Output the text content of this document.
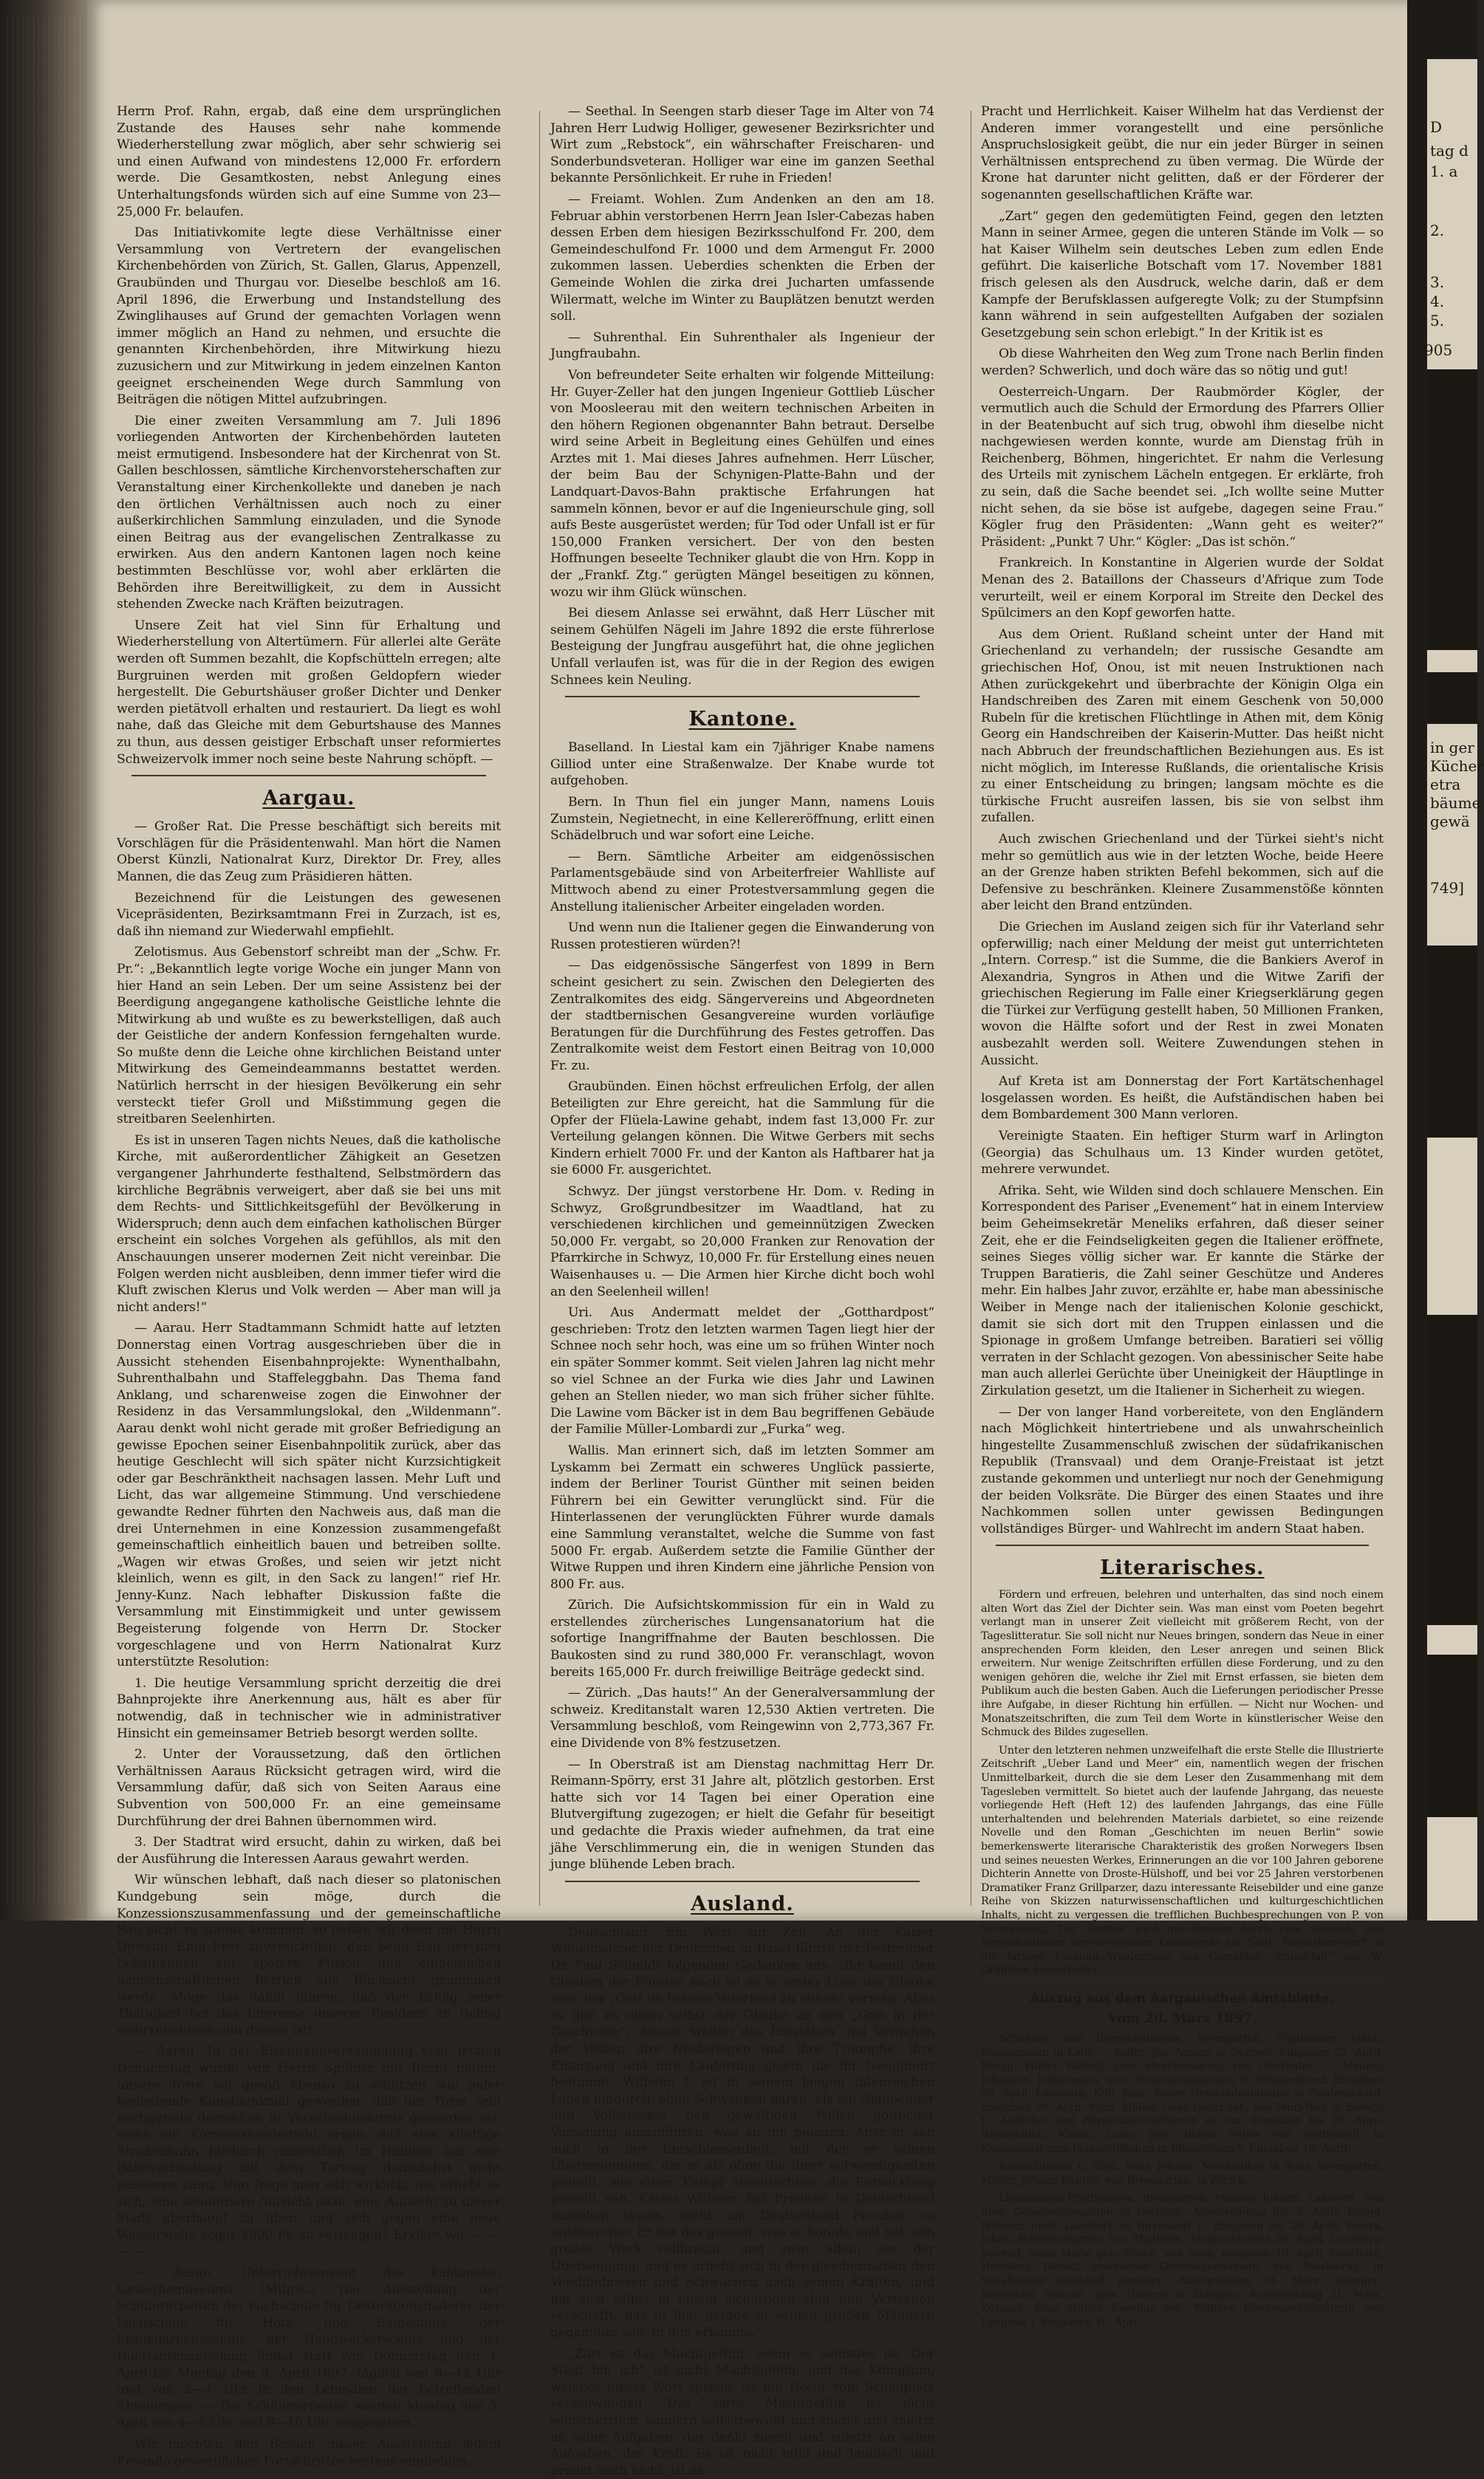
Herrn Prof. Rahn, ergab, daß eine dem ursprünglichen Zustande des Hauses sehr nahe kommende Wiederherstellung zwar möglich, aber sehr schwierig sei und einen Aufwand von mindestens 12,000 Fr. erfordern werde. Die Gesamtkosten, nebst Anlegung eines Unterhaltungsfonds würden sich auf eine Summe von 23—25,000 Fr. belaufen.

Das Initiativkomite legte diese Verhältnisse einer Versammlung von Vertretern der evangelischen Kirchenbehörden von Zürich, St. Gallen, Glarus, Appenzell, Graubünden und Thurgau vor. Dieselbe beschloß am 16. April 1896, die Erwerbung und Instandstellung des Zwinglihauses auf Grund der gemachten Vorlagen wenn immer möglich an Hand zu nehmen, und ersuchte die genannten Kirchenbehörden, ihre Mitwirkung hiezu zuzusichern und zur Mitwirkung in jedem einzelnen Kanton geeignet erscheinenden Wege durch Sammlung von Beiträgen die nötigen Mittel aufzubringen.

Die einer zweiten Versammlung am 7. Juli 1896 vorliegenden Antworten der Kirchenbehörden lauteten meist ermutigend. Insbesondere hat der Kirchenrat von St. Gallen beschlossen, sämtliche Kirchenvorsteherschaften zur Veranstaltung einer Kirchenkollekte und daneben je nach den örtlichen Verhältnissen auch noch zu einer außerkirchlichen Sammlung einzuladen, und die Synode einen Beitrag aus der evangelischen Zentralkasse zu erwirken. Aus den andern Kantonen lagen noch keine bestimmten Beschlüsse vor, wohl aber erklärten die Behörden ihre Bereitwilligkeit, zu dem in Aussicht stehenden Zwecke nach Kräften beizutragen.

Unsere Zeit hat viel Sinn für Erhaltung und Wiederherstellung von Altertümern. Für allerlei alte Geräte werden oft Summen bezahlt, die Kopfschütteln erregen; alte Burgruinen werden mit großen Geldopfern wieder hergestellt. Die Geburtshäuser großer Dichter und Denker werden pietätvoll erhalten und restauriert. Da liegt es wohl nahe, daß das Gleiche mit dem Geburtshause des Mannes zu thun, aus dessen geistiger Erbschaft unser reformiertes Schweizervolk immer noch seine beste Nahrung schöpft. —

Aargau.

— Großer Rat. Die Presse beschäftigt sich bereits mit Vorschlägen für die Präsidentenwahl. Man hört die Namen Oberst Künzli, Nationalrat Kurz, Direktor Dr. Frey, alles Mannen, die das Zeug zum Präsidieren hätten.

Bezeichnend für die Leistungen des gewesenen Vicepräsidenten, Bezirksamtmann Frei in Zurzach, ist es, daß ihn niemand zur Wiederwahl empfiehlt.

Zelotismus. Aus Gebenstorf schreibt man der „Schw. Fr. Pr.“: „Bekanntlich legte vorige Woche ein junger Mann von hier Hand an sein Leben. Der um seine Assistenz bei der Beerdigung angegangene katholische Geistliche lehnte die Mitwirkung ab und wußte es zu bewerkstelligen, daß auch der Geistliche der andern Konfession ferngehalten wurde. So mußte denn die Leiche ohne kirchlichen Beistand unter Mitwirkung des Gemeindeammanns bestattet werden. Natürlich herrscht in der hiesigen Bevölkerung ein sehr versteckt tiefer Groll und Mißstimmung gegen die streitbaren Seelenhirten.

Es ist in unseren Tagen nichts Neues, daß die katholische Kirche, mit außerordentlicher Zähigkeit an Gesetzen vergangener Jahrhunderte festhaltend, Selbstmördern das kirchliche Begräbnis verweigert, aber daß sie bei uns mit dem Rechts- und Sittlichkeitsgefühl der Bevölkerung in Widerspruch; denn auch dem einfachen katholischen Bürger erscheint ein solches Vorgehen als gefühllos, als mit den Anschauungen unserer modernen Zeit nicht vereinbar. Die Folgen werden nicht ausbleiben, denn immer tiefer wird die Kluft zwischen Klerus und Volk werden — Aber man will ja nicht anders!“

— Aarau. Herr Stadtammann Schmidt hatte auf letzten Donnerstag einen Vortrag ausgeschrieben über die in Aussicht stehenden Eisenbahnprojekte: Wynenthalbahn, Suhrenthalbahn und Staffeleggbahn. Das Thema fand Anklang, und scharenweise zogen die Einwohner der Residenz in das Versammlungslokal, den „Wildenmann“. Aarau denkt wohl nicht gerade mit großer Befriedigung an gewisse Epochen seiner Eisenbahnpolitik zurück, aber das heutige Geschlecht will sich später nicht Kurzsichtigkeit oder gar Beschränktheit nachsagen lassen. Mehr Luft und Licht, das war allgemeine Stimmung. Und verschiedene gewandte Redner führten den Nachweis aus, daß man die drei Unternehmen in eine Konzession zusammengefaßt gemeinschaftlich einheitlich bauen und betreiben sollte. „Wagen wir etwas Großes, und seien wir jetzt nicht kleinlich, wenn es gilt, in den Sack zu langen!“ rief Hr. Jenny-Kunz. Nach lebhafter Diskussion faßte die Versammlung mit Einstimmigkeit und unter gewissem Begeisterung folgende von Herrn Dr. Stocker vorgeschlagene und von Herrn Nationalrat Kurz unterstützte Resolution:

1. Die heutige Versammlung spricht derzeitig die drei Bahnprojekte ihre Anerkennung aus, hält es aber für notwendig, daß in technischer wie in administrativer Hinsicht ein gemeinsamer Betrieb besorgt werden sollte.

2. Unter der Voraussetzung, daß den örtlichen Verhältnissen Aaraus Rücksicht getragen wird, wird die Versammlung dafür, daß sich von Seiten Aaraus eine Subvention von 500,000 Fr. an eine gemeinsame Durchführung der drei Bahnen übernommen wird.

3. Der Stadtrat wird ersucht, dahin zu wirken, daß bei der Ausführung die Interessen Aaraus gewahrt werden.

Wir wünschen lebhaft, daß nach dieser so platonischen Kundgebung sein möge, durch die Konzessionszusammenfassung und der gemeinschaftliche Bau nicht zu stande kommen, so hoffen wir doch mit Herrn Direktor Emil Frey zuversichtlich, daß beim Bau der drei Lokalbahnen auf spätere Fusion und einheitlichen gemeinschaftlichen Betrieb alle Rücksicht genommen werde. Möge das dahin führen, daß der Erfolg jener Thätigkeit bei das Interesse unserer Residenz zu richtig wahrzunehmen und dienen ist!

— Aarau. In der Eisenbahnversammlung vom letzten Donnerstag wurde von Herrn Spühler mit Recht betont, unsere Torre sei gewiß ebenso zu schützen wie jeder bedeutende Kunstdenkmal geworden, daß der Turm sein nachgerade dermaßen in Verkehrshindernis geworden sei, wenn ein Kommissionsbericht ergab, daß eine künftige Straßenbahn hiedurch namentlich im Hinblick auf eine Bahnverbindung mit dem Torweg demnächst nicht passieren kann. Nun frage man sich wirklich, wie erhebt es sich, eine sonderbare Aufsicht dazu, eine Aufsicht zu dieser Stadt überhaupt zu üben und sich gegen eine neue Wasserstelle sogar 4800 Fr. zu verlangen? Erkläre wir — — — —

— Aarau. Unterrichtsanstalt des kantonalen Gewerbemuseums. (Mitget.) Die Ausstellung der Schülerarbeiten der Fachschule für Dekorationsmalerei, der Fachschule für Holz- und Bautechnik, der Frauenarbeitsschule, der Handwerkerschule und der Dilettantenabteilung findet statt von Donnerstag den 1. April bis Montag den 5. April 1897, täglich von 9—12 Uhr und von 2—4 Uhr in den Lehrsälen der betreffenden Abteilungen. — Die Schülerarbeiten werden Montag den 5. April von 4—6 Uhr und 8—10 Uhr ausgegeben.

Wir möchten den Besuch dieser Ausstellung jedem Freunde gewerblichen Fortschrittes bestens empfehlen.

— Seethal. In Seengen starb dieser Tage im Alter von 74 Jahren Herr Ludwig Holliger, gewesener Bezirksrichter und Wirt zum „Rebstock“, ein währschafter Freischaren- und Sonderbundsveteran. Holliger war eine im ganzen Seethal bekannte Persönlichkeit. Er ruhe in Frieden!

— Freiamt. Wohlen. Zum Andenken an den am 18. Februar abhin verstorbenen Herrn Jean Isler-Cabezas haben dessen Erben dem hiesigen Bezirksschulfond Fr. 200, dem Gemeindeschulfond Fr. 1000 und dem Armengut Fr. 2000 zukommen lassen. Ueberdies schenkten die Erben der Gemeinde Wohlen die zirka drei Jucharten umfassende Wilermatt, welche im Winter zu Bauplätzen benutzt werden soll.

— Suhrenthal. Ein Suhrenthaler als Ingenieur der Jungfraubahn.

Von befreundeter Seite erhalten wir folgende Mitteilung: Hr. Guyer-Zeller hat den jungen Ingenieur Gottlieb Lüscher von Moosleerau mit den weitern technischen Arbeiten in den höhern Regionen obgenannter Bahn betraut. Derselbe wird seine Arbeit in Begleitung eines Gehülfen und eines Arztes mit 1. Mai dieses Jahres aufnehmen. Herr Lüscher, der beim Bau der Schynigen-Platte-Bahn und der Landquart-Davos-Bahn praktische Erfahrungen hat sammeln können, bevor er auf die Ingenieurschule ging, soll aufs Beste ausgerüstet werden; für Tod oder Unfall ist er für 150,000 Franken versichert. Der von den besten Hoffnungen beseelte Techniker glaubt die von Hrn. Kopp in der „Frankf. Ztg.“ gerügten Mängel beseitigen zu können, wozu wir ihm Glück wünschen.

Bei diesem Anlasse sei erwähnt, daß Herr Lüscher mit seinem Gehülfen Nägeli im Jahre 1892 die erste führerlose Besteigung der Jungfrau ausgeführt hat, die ohne jeglichen Unfall verlaufen ist, was für die in der Region des ewigen Schnees kein Neuling.

Kantone.

Baselland. In Liestal kam ein 7jähriger Knabe namens Gilliod unter eine Straßenwalze. Der Knabe wurde tot aufgehoben.

Bern. In Thun fiel ein junger Mann, namens Louis Zumstein, Negietnecht, in eine Kellereröffnung, erlitt einen Schädelbruch und war sofort eine Leiche.

— Bern. Sämtliche Arbeiter am eidgenössischen Parlamentsgebäude sind von Arbeiterfreier Wahlliste auf Mittwoch abend zu einer Protestversammlung gegen die Anstellung italienischer Arbeiter eingeladen worden.

Und wenn nun die Italiener gegen die Einwanderung von Russen protestieren würden?!

— Das eidgenössische Sängerfest von 1899 in Bern scheint gesichert zu sein. Zwischen den Delegierten des Zentralkomites des eidg. Sängervereins und Abgeordneten der stadtbernischen Gesangvereine wurden vorläufige Beratungen für die Durchführung des Festes getroffen. Das Zentralkomite weist dem Festort einen Beitrag von 10,000 Fr. zu.

Graubünden. Einen höchst erfreulichen Erfolg, der allen Beteiligten zur Ehre gereicht, hat die Sammlung für die Opfer der Flüela-Lawine gehabt, indem fast 13,000 Fr. zur Verteilung gelangen können. Die Witwe Gerbers mit sechs Kindern erhielt 7000 Fr. und der Kanton als Haftbarer hat ja sie 6000 Fr. ausgerichtet.

Schwyz. Der jüngst verstorbene Hr. Dom. v. Reding in Schwyz, Großgrundbesitzer im Waadtland, hat zu verschiedenen kirchlichen und gemeinnützigen Zwecken 50,000 Fr. vergabt, so 20,000 Franken zur Renovation der Pfarrkirche in Schwyz, 10,000 Fr. für Erstellung eines neuen Waisenhauses u. — Die Armen hier Kirche dicht boch wohl an den Seelenheil willen!

Uri. Aus Andermatt meldet der „Gotthardpost“ geschrieben: Trotz den letzten warmen Tagen liegt hier der Schnee noch sehr hoch, was eine um so frühen Winter noch ein später Sommer kommt. Seit vielen Jahren lag nicht mehr so viel Schnee an der Furka wie dies Jahr und Lawinen gehen an Stellen nieder, wo man sich früher sicher fühlte. Die Lawine vom Bäcker ist in dem Bau begriffenen Gebäude der Familie Müller-Lombardi zur „Furka“ weg.

Wallis. Man erinnert sich, daß im letzten Sommer am Lyskamm bei Zermatt ein schweres Unglück passierte, indem der Berliner Tourist Günther mit seinen beiden Führern bei ein Gewitter verunglückt sind. Für die Hinterlassenen der verunglückten Führer wurde damals eine Sammlung veranstaltet, welche die Summe von fast 5000 Fr. ergab. Außerdem setzte die Familie Günther der Witwe Ruppen und ihren Kindern eine jährliche Pension von 800 Fr. aus.

Zürich. Die Aufsichtskommission für ein in Wald zu erstellendes zürcherisches Lungensanatorium hat die sofortige Inangriffnahme der Bauten beschlossen. Die Baukosten sind zu rund 380,000 Fr. veranschlagt, wovon bereits 165,000 Fr. durch freiwillige Beiträge gedeckt sind.

— Zürich. „Das hauts!“ An der Generalversammlung der schweiz. Kreditanstalt waren 12,530 Aktien vertreten. Die Versammlung beschloß, vom Reingewinn von 2,773,367 Fr. eine Dividende von 8% festzusetzen.

— In Oberstraß ist am Dienstag nachmittag Herr Dr. Reimann-Spörry, erst 31 Jahre alt, plötzlich gestorben. Erst hatte sich vor 14 Tagen bei einer Operation eine Blutvergiftung zugezogen; er hielt die Gefahr für beseitigt und gedachte die Praxis wieder aufnehmen, da trat eine jähe Verschlimmerung ein, die in wenigen Stunden das junge blühende Leben brach.

Ausland.

Deutschland. Ein Wort zur Zeit. An der Kaiser Wilhelmsfeier der Deutschen in Basel führte der Festredner Dr. Paul Schmidt folgenden Gedanken aus: „Ihr kennt den Glauben der Fürsten nach ist es in erster Linie der Glaube sein, der „Gott im hehren Vaterland zu ahnen“ vermag. Aber es gibt es einen selbst der Glaube an den „Gott in der Geschichte“, dessen Walten das Entstehen und Vergehen der Völker, ihre Niederlagen und ihre Triumphe, ihre Entartung und ihre Läuterung gegen die ihr Neugeburt bestimmt. Wilhelm I. ist in seinem langen tatenreichen Leben hindurch, ohne Schwanken daran, als ein Glaubender und Vollstrecker den gewaltigen Willen göttlicher Vorsehung auszuführen, was an ihn gelegen. Aber er sah auch in der Entschlossenheit, mit der er seinen Überzeugungen, die er als ohne die ihrer notwendigkeiten gestellt, wie einen Kampf auszufechten, die Entwicklung gestellt sah. Kaiser Wilhelm hat Preußen in Deutschland aufgehen lassen, nicht um Deutschland Preußen zu unterwerfen. Er hat das gezeigt, was er konnte und hat sein großes Werk vollbracht, und zwar allein aus der Überzeugung, und es erhebt sich in der gleichermaßen den Verständnissen und Schwächen nach seinen Kräften, und hat sich selbst in einem sichernden Halt und Vertrauen verschafft, das in ihm gerade in seinen großen Männern gegenüber sah, in ihm erkannte.“

„Zart ist das Machtgefühl, wenn es selbstlos ist. Der Staat bin Ich“ ist nicht Machtgefühl, und das Königtum, welches dieses Wort sprach, ist mit Recht vom Schauplatz verschwunden. Das zarte Machtgefühl ist nicht selbstherrlich, sondern selbstbewußt und zuerst und zuletzt an seine Aufgaben, der denkt zuerst und zuletzt an seine Aufgaben, der Kraft. Es ist nicht eitel und launisch und prunkt auch nicht, ist es

Pracht und Herrlichkeit. Kaiser Wilhelm hat das Verdienst der Anderen immer vorangestellt und eine persönliche Anspruchslosigkeit geübt, die nur ein jeder Bürger in seinen Verhältnissen entsprechend zu üben vermag. Die Würde der Krone hat darunter nicht gelitten, daß er der Förderer der sogenannten gesellschaftlichen Kräfte war.

„Zart“ gegen den gedemütigten Feind, gegen den letzten Mann in seiner Armee, gegen die unteren Stände im Volk — so hat Kaiser Wilhelm sein deutsches Leben zum edlen Ende geführt. Die kaiserliche Botschaft vom 17. November 1881 frisch gelesen als den Ausdruck, welche darin, daß er dem Kampfe der Berufsklassen aufgeregte Volk; zu der Stumpfsinn kann während in sein aufgestellten Aufgaben der sozialen Gesetzgebung sein schon erlebigt.“ In der Kritik ist es

Ob diese Wahrheiten den Weg zum Trone nach Berlin finden werden? Schwerlich, und doch wäre das so nötig und gut!

Oesterreich-Ungarn. Der Raubmörder Kögler, der vermutlich auch die Schuld der Ermordung des Pfarrers Ollier in der Beatenbucht auf sich trug, obwohl ihm dieselbe nicht nachgewiesen werden konnte, wurde am Dienstag früh in Reichenberg, Böhmen, hingerichtet. Er nahm die Verlesung des Urteils mit zynischem Lächeln entgegen. Er erklärte, froh zu sein, daß die Sache beendet sei. „Ich wollte seine Mutter nicht sehen, da sie böse ist aufgebe, dagegen seine Frau.“ Kögler frug den Präsidenten: „Wann geht es weiter?“ Präsident: „Punkt 7 Uhr.“ Kögler: „Das ist schön.“

Frankreich. In Konstantine in Algerien wurde der Soldat Menan des 2. Bataillons der Chasseurs d'Afrique zum Tode verurteilt, weil er einem Korporal im Streite den Deckel des Spülcimers an den Kopf geworfen hatte.

Aus dem Orient. Rußland scheint unter der Hand mit Griechenland zu verhandeln; der russische Gesandte am griechischen Hof, Onou, ist mit neuen Instruktionen nach Athen zurückgekehrt und überbrachte der Königin Olga ein Handschreiben des Zaren mit einem Geschenk von 50,000 Rubeln für die kretischen Flüchtlinge in Athen mit, dem König Georg ein Handschreiben der Kaiserin-Mutter. Das heißt nicht nach Abbruch der freundschaftlichen Beziehungen aus. Es ist nicht möglich, im Interesse Rußlands, die orientalische Krisis zu einer Entscheidung zu bringen; langsam möchte es die türkische Frucht ausreifen lassen, bis sie von selbst ihm zufallen.

Auch zwischen Griechenland und der Türkei sieht's nicht mehr so gemütlich aus wie in der letzten Woche, beide Heere an der Grenze haben strikten Befehl bekommen, sich auf die Defensive zu beschränken. Kleinere Zusammenstöße könnten aber leicht den Brand entzünden.

Die Griechen im Ausland zeigen sich für ihr Vaterland sehr opferwillig; nach einer Meldung der meist gut unterrichteten „Intern. Corresp.“ ist die Summe, die die Bankiers Averof in Alexandria, Syngros in Athen und die Witwe Zarifi der griechischen Regierung im Falle einer Kriegserklärung gegen die Türkei zur Verfügung gestellt haben, 50 Millionen Franken, wovon die Hälfte sofort und der Rest in zwei Monaten ausbezahlt werden soll. Weitere Zuwendungen stehen in Aussicht.

Auf Kreta ist am Donnerstag der Fort Kartätschenhagel losgelassen worden. Es heißt, die Aufständischen haben bei dem Bombardement 300 Mann verloren.

Vereinigte Staaten. Ein heftiger Sturm warf in Arlington (Georgia) das Schulhaus um. 13 Kinder wurden getötet, mehrere verwundet.

Afrika. Seht, wie Wilden sind doch schlauere Menschen. Ein Korrespondent des Pariser „Evenement“ hat in einem Interview beim Geheimsekretär Meneliks erfahren, daß dieser seiner Zeit, ehe er die Feindseligkeiten gegen die Italiener eröffnete, seines Sieges völlig sicher war. Er kannte die Stärke der Truppen Baratieris, die Zahl seiner Geschütze und Anderes mehr. Ein halbes Jahr zuvor, erzählte er, habe man abessinische Weiber in Menge nach der italienischen Kolonie geschickt, damit sie sich dort mit den Truppen einlassen und die Spionage in großem Umfange betreiben. Baratieri sei völlig verraten in der Schlacht gezogen. Von abessinischer Seite habe man auch allerlei Gerüchte über Uneinigkeit der Häuptlinge in Zirkulation gesetzt, um die Italiener in Sicherheit zu wiegen.

— Der von langer Hand vorbereitete, von den Engländern nach Möglichkeit hintertriebene und als unwahrscheinlich hingestellte Zusammenschluß zwischen der südafrikanischen Republik (Transvaal) und dem Oranje-Freistaat ist jetzt zustande gekommen und unterliegt nur noch der Genehmigung der beiden Volksräte. Die Bürger des einen Staates und ihre Nachkommen sollen unter gewissen Bedingungen vollständiges Bürger- und Wahlrecht im andern Staat haben.

Literarisches.

Fördern und erfreuen, belehren und unterhalten, das sind noch einem alten Wort das Ziel der Dichter sein. Was man einst vom Poeten begehrt verlangt man in unserer Zeit vielleicht mit größerem Recht, von der Tageslitteratur. Sie soll nicht nur Neues bringen, sondern das Neue in einer ansprechenden Form kleiden, den Leser anregen und seinen Blick erweitern. Nur wenige Zeitschriften erfüllen diese Forderung, und zu den wenigen gehören die, welche ihr Ziel mit Ernst erfassen, sie bieten dem Publikum auch die besten Gaben. Auch die Lieferungen periodischer Presse ihre Aufgabe, in dieser Richtung hin erfüllen. — Nicht nur Wochen- und Monatszeitschriften, die zum Teil dem Worte in künstlerischer Weise den Schmuck des Bildes zugesellen.

Unter den letzteren nehmen unzweifelhaft die erste Stelle die Illustrierte Zeitschrift „Ueber Land und Meer“ ein, namentlich wegen der frischen Unmittelbarkeit, durch die sie dem Leser den Zusammenhang mit dem Tagesleben vermittelt. So bietet auch der laufende Jahrgang, das neueste vorliegende Heft (Heft 12) des laufenden Jahrgangs, das eine Fülle unterhaltenden und belehrenden Materials darbietet, so eine reizende Novelle und den Roman „Geschichten im neuen Berlin“ sowie bemerkenswerte literarische Charakteristik des großen Norwegers Ibsen und seines neuesten Werkes, Erinnerungen an die vor 100 Jahren geborene Dichterin Annette von Droste-Hülshoff, und bei vor 25 Jahren verstorbenen Dramatiker Franz Grillparzer, dazu interessante Reisebilder und eine ganze Reihe von Skizzen naturwissenschaftlichen und kulturgeschichtlichen Inhalts, nicht zu vergessen die trefflichen Buchbesprechungen von P. von Szczepanski. Der Textteil wird geschmückt durch eine Auswahl von Reproduktionen hervorragender Kunstwerke zur Seite. Bemerkenswert ist die farbige Faksimile-Wiedergabe des Gemäldes „Enten-fall“ von W. Gräbhein hervorheben.

Auszug aus dem Aargauischen Amtsblatte.
Vom 20. März 1897.

Schulden- und Bürgschaftsrüfe. Bremgarten. Füglistaller, Jakob, Bizeammann in Lieli. — Koller, Jos. Antons in Oberwil. Eingaben 22. April. Brugg. Huber Rudolf, gew. Straßenwärter, von Oberhalm. — Maurer, Johannes, Johannesen, gew. Gemeindeammann in Schmiedrued. Eingaben 30. April. Lenzburg. Kull, Jaak. Seiler. Gemeindeammann in Gontenschwil. Eingaben 30. April. Muri. Müller, Goar Leonz sel., von Muri-Wey, in Boswyl †. Aufgebot und Bürgschaftsverfahren zu tun. Eingaben bis 20. April. Rheinfelden. Kistler, Louis, gew. Bohni, Witwe von Wölflinswil, in Kaiseraugst zum Feldschlößchen in Rheinfelden †. Eingaben 19. April.

Rehabilitation n. Zurz. Rohr, Johann, Mechaniker in Rohr. Bremgarten. Müller, Johann Baptist, von Bremgarten, in Zürich.

Liquidations-Eröffnungen. Bremgarten. Maurer, Johann, Landwirt, von Sins; Gemeindebeamten in Dottikon. Anschreibung bis 3. April. Brugg. Widmer, Josef, Landwirt, in Birrenlauf †. Eingaben bis 20. April. Bezirk. Jakob, Wilmensmartins von Thalheim. Einspruchsfrist 20. April. Lenzburg. Schmid, Anna Maria geb. Frider, von Seon, eingaben 10. April. Lenzburg. Hunziker, Rudolf, gewesener Gemeindeammann, von Mosleerau, in Schafisheim wohnhaft gewesen. Anschreibung 31. März. Zofingen. Baubolder, Samuel, gew. Tierarzt in Zofingen. Anschreibung 31. März. Zurzach. Frau Müller, Karolina geb. Widmer, Ellenwarenhändlerin, von Lengnau †. Eingaben 19. April.

D
tag d
1. a
2.
3.
4.
5.
905
in ger
Kücher
etra
bäume
gewä
749]
